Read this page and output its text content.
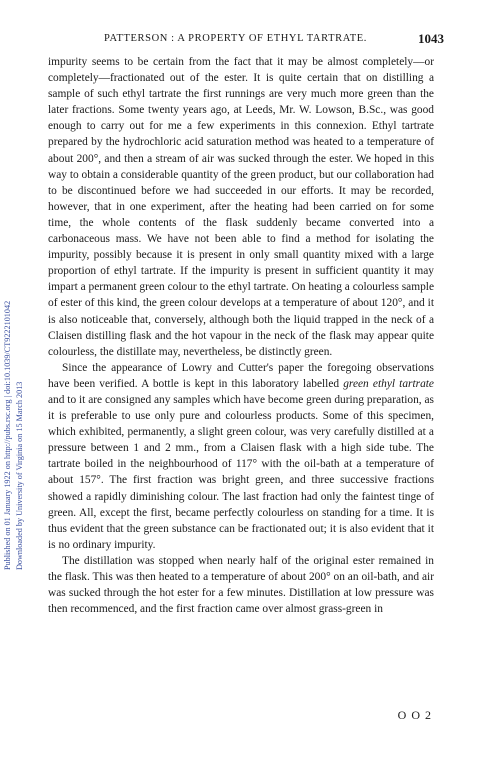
PATTERSON : A PROPERTY OF ETHYL TARTRATE.	1043
Published on 01 January 1922 on http://pubs.rsc.org | doi:10.1039/CT9222101042 Downloaded by University of Virginia on 15 March 2013

impurity seems to be certain from the fact that it may be almost completely—or completely—fractionated out of the ester. It is quite certain that on distilling a sample of such ethyl tartrate the first runnings are very much more green than the later fractions. Some twenty years ago, at Leeds, Mr. W. Lowson, B.Sc., was good enough to carry out for me a few experiments in this connexion. Ethyl tartrate prepared by the hydrochloric acid saturation method was heated to a temperature of about 200°, and then a stream of air was sucked through the ester. We hoped in this way to obtain a considerable quantity of the green product, but our collaboration had to be discontinued before we had succeeded in our efforts. It may be recorded, however, that in one experiment, after the heating had been carried on for some time, the whole contents of the flask suddenly became converted into a carbonaceous mass. We have not been able to find a method for isolating the impurity, possibly because it is present in only small quantity mixed with a large proportion of ethyl tartrate. If the impurity is present in sufficient quantity it may impart a permanent green colour to the ethyl tartrate. On heating a colourless sample of ester of this kind, the green colour develops at a temperature of about 120°, and it is also noticeable that, conversely, although both the liquid trapped in the neck of a Claisen distilling flask and the hot vapour in the neck of the flask may appear quite colourless, the distillate may, nevertheless, be distinctly green.

Since the appearance of Lowry and Cutter's paper the foregoing observations have been verified. A bottle is kept in this laboratory labelled green ethyl tartrate and to it are consigned any samples which have become green during preparation, as it is preferable to use only pure and colourless products. Some of this specimen, which exhibited, permanently, a slight green colour, was very carefully distilled at a pressure between 1 and 2 mm., from a Claisen flask with a high side tube. The tartrate boiled in the neighbourhood of 117° with the oil-bath at a temperature of about 157°. The first fraction was bright green, and three successive fractions showed a rapidly diminishing colour. The last fraction had only the faintest tinge of green. All, except the first, became perfectly colourless on standing for a time. It is thus evident that the green substance can be fractionated out; it is also evident that it is no ordinary impurity.

The distillation was stopped when nearly half of the original ester remained in the flask. This was then heated to a temperature of about 200° on an oil-bath, and air was sucked through the hot ester for a few minutes. Distillation at low pressure was then recommenced, and the first fraction came over almost grass-green in

O O 2
